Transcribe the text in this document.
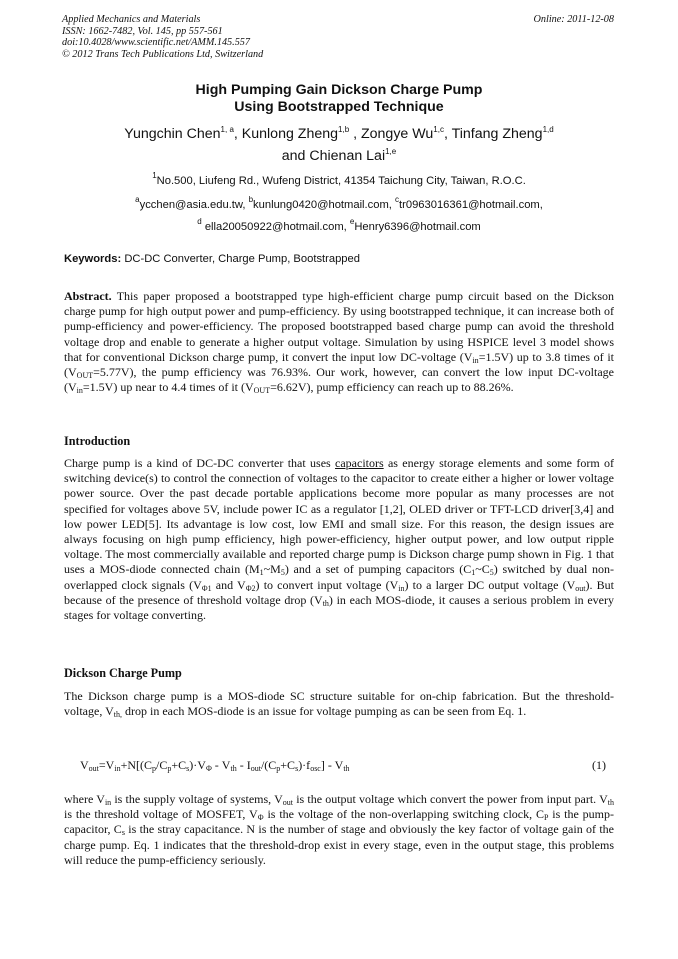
Applied Mechanics and Materials
ISSN: 1662-7482, Vol. 145, pp 557-561
doi:10.4028/www.scientific.net/AMM.145.557
© 2012 Trans Tech Publications Ltd, Switzerland
Online: 2011-12-08
High Pumping Gain Dickson Charge Pump
Using Bootstrapped Technique
Yungchin Chen$^{1, a}$, Kunlong Zheng$^{1,b}$ , Zongye Wu$^{1,c}$, Tinfang Zheng$^{1,d}$
and Chienan Lai$^{1,e}$
$^1$No.500, Liufeng Rd., Wufeng District, 41354 Taichung City, Taiwan, R.O.C.
$^a$ycchen@asia.edu.tw, $^b$kunlung0420@hotmail.com, $^c$tr0963016361@hotmail.com,
$^d$ ella20050922@hotmail.com, $^e$Henry6396@hotmail.com
Keywords: DC-DC Converter, Charge Pump, Bootstrapped
Abstract. This paper proposed a bootstrapped type high-efficient charge pump circuit based on the Dickson charge pump for high output power and pump-efficiency. By using bootstrapped technique, it can increase both of pump-efficiency and power-efficiency. The proposed bootstrapped based charge pump can avoid the threshold voltage drop and enable to generate a higher output voltage. Simulation by using HSPICE level 3 model shows that for conventional Dickson charge pump, it convert the input low DC-voltage $(V_{in}=1.5V)$ up to 3.8 times of it $(V_{OUT}=5.77V)$, the pump efficiency was 76.93%. Our work, however, can convert the low input DC-voltage $(V_{in}=1.5V)$ up near to 4.4 times of it $(V_{OUT}=6.62V)$, pump efficiency can reach up to 88.26%.
Introduction
Charge pump is a kind of DC-DC converter that uses capacitors as energy storage elements and some form of switching device(s) to control the connection of voltages to the capacitor to create either a higher or lower voltage power source. Over the past decade portable applications become more popular as many processes are not specified for voltages above 5V, include power IC as a regulator [1,2], OLED driver or TFT-LCD driver[3,4] and low power LED[5]. Its advantage is low cost, low EMI and small size. For this reason, the design issues are always focusing on high pump efficiency, high power-efficiency, higher output power, and low output ripple voltage. The most commercially available and reported charge pump is Dickson charge pump shown in Fig. 1 that uses a MOS-diode connected chain $(M_1\sim M_5)$ and a set of pumping capacitors $(C_1\sim C_5)$ switched by dual non-overlapped clock signals ($V_{\Phi 1}$ and $V_{\Phi 2}$) to convert input voltage $(V_{in})$ to a larger DC output voltage $(V_{out})$. But because of the presence of threshold voltage drop $(V_{th})$ in each MOS-diode, it causes a serious problem in every stages for voltage converting.
Dickson Charge Pump
The Dickson charge pump is a MOS-diode SC structure suitable for on-chip fabrication. But the threshold-voltage, $V_{th,}$ drop in each MOS-diode is an issue for voltage pumping as can be seen from Eq. 1.
$V_{out}=V_{in}+N[(C_p/C_p+C_s)\cdot V_\Phi - V_{th} - I_{out}/(C_p+C_s)\cdot f_{osc}] - V_{th}$	(1)
where $V_{in}$ is the supply voltage of systems, $V_{out}$ is the output voltage which convert the power from input part. $V_{th}$ is the threshold voltage of MOSFET, $V_\Phi$ is the voltage of the non-overlapping switching clock, $C_P$ is the pump-capacitor, $C_s$ is the stray capacitance. N is the number of stage and obviously the key factor of voltage gain of the charge pump. Eq. 1 indicates that the threshold-drop exist in every stage, even in the output stage, this problems will reduce the pump-efficiency seriously.
